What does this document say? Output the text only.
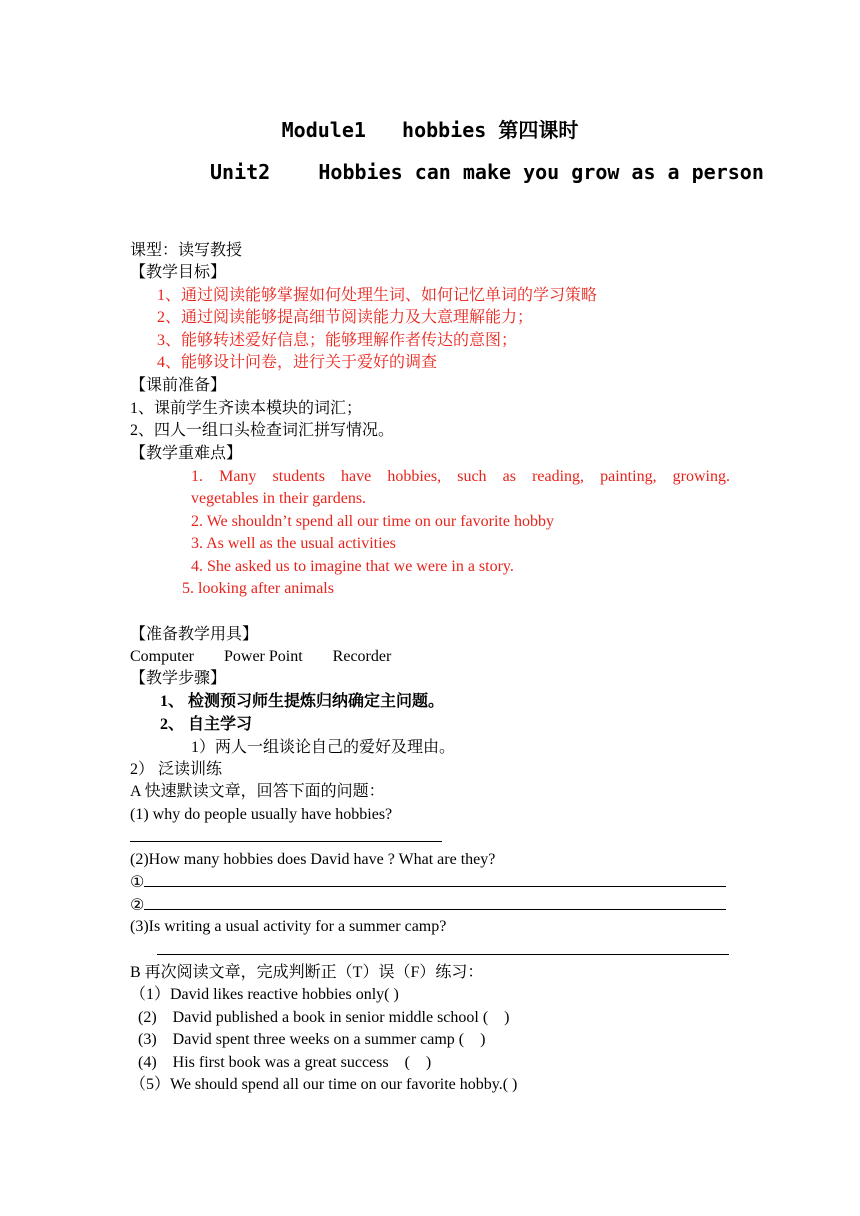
Module1   hobbies 第四课时
Unit2    Hobbies can make you grow as a person
课型：读写教授
【教学目标】
1、通过阅读能够掌握如何处理生词、如何记忆单词的学习策略
2、通过阅读能够提高细节阅读能力及大意理解能力；
3、能够转述爱好信息；能够理解作者传达的意图；
4、能够设计问卷，进行关于爱好的调查
【课前准备】
1、课前学生齐读本模块的词汇；
2、四人一组口头检查词汇拼写情况。
【教学重难点】
1. Many students have hobbies, such as reading, painting, growing.
vegetables in their gardens.
2. We shouldn’t spend all our time on our favorite hobby
3. As well as the usual activities
4. She asked us to imagine that we were in a story.
5. looking after animals
【准备教学用具】
Computer Power Point Recorder
【教学步骤】
1、 检测预习师生提炼归纳确定主问题。
2、 自主学习
1）两人一组谈论自己的爱好及理由。
2） 泛读训练
A 快速默读文章，回答下面的问题：
(1) why do people usually have hobbies?
(2)How many hobbies does David have ? What are they?
①
②
(3)Is writing a usual activity for a summer camp?
B 再次阅读文章，完成判断正（T）误（F）练习：
（1）David likes reactive hobbies only( )
(2)    David published a book in senior middle school (    )
(3)    David spent three weeks on a summer camp (    )
(4)    His first book was a great success    (    )
（5）We should spend all our time on our favorite hobby.( )
